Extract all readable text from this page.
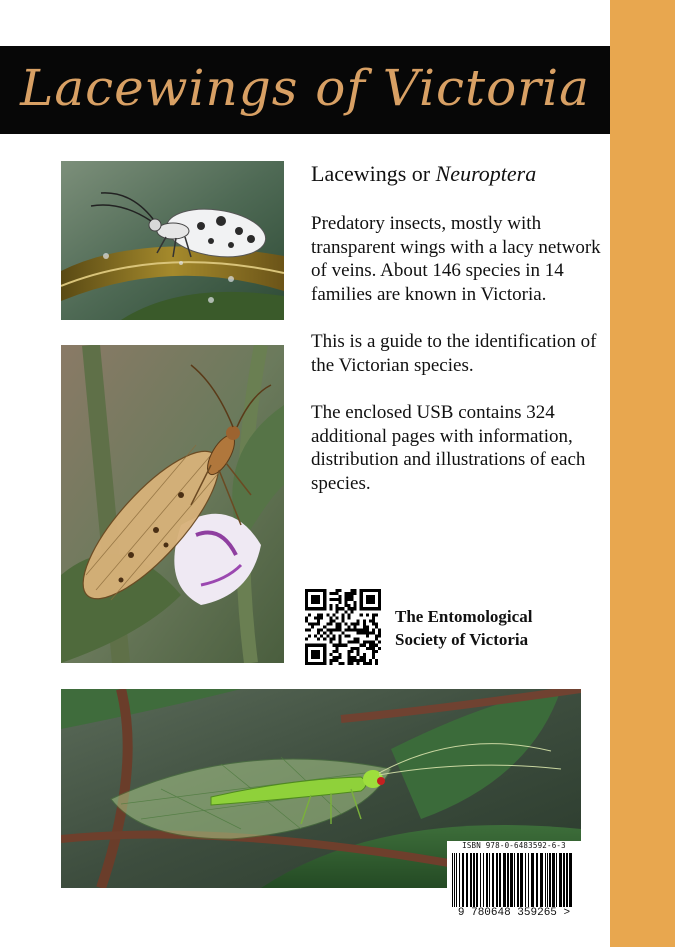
Lacewings of Victoria
Lacewings or Neuroptera

Predatory insects, mostly with transparent wings with a lacy network of veins. About 146 species in 14 families are known in Victoria.

This is a guide to the identification of the Victorian species.

The enclosed USB contains 324 additional pages with information, distribution and illustrations of each species.

The Entomological
Society of Victoria
ISBN 978-0-6483592-6-3
9 780648 359265 >
